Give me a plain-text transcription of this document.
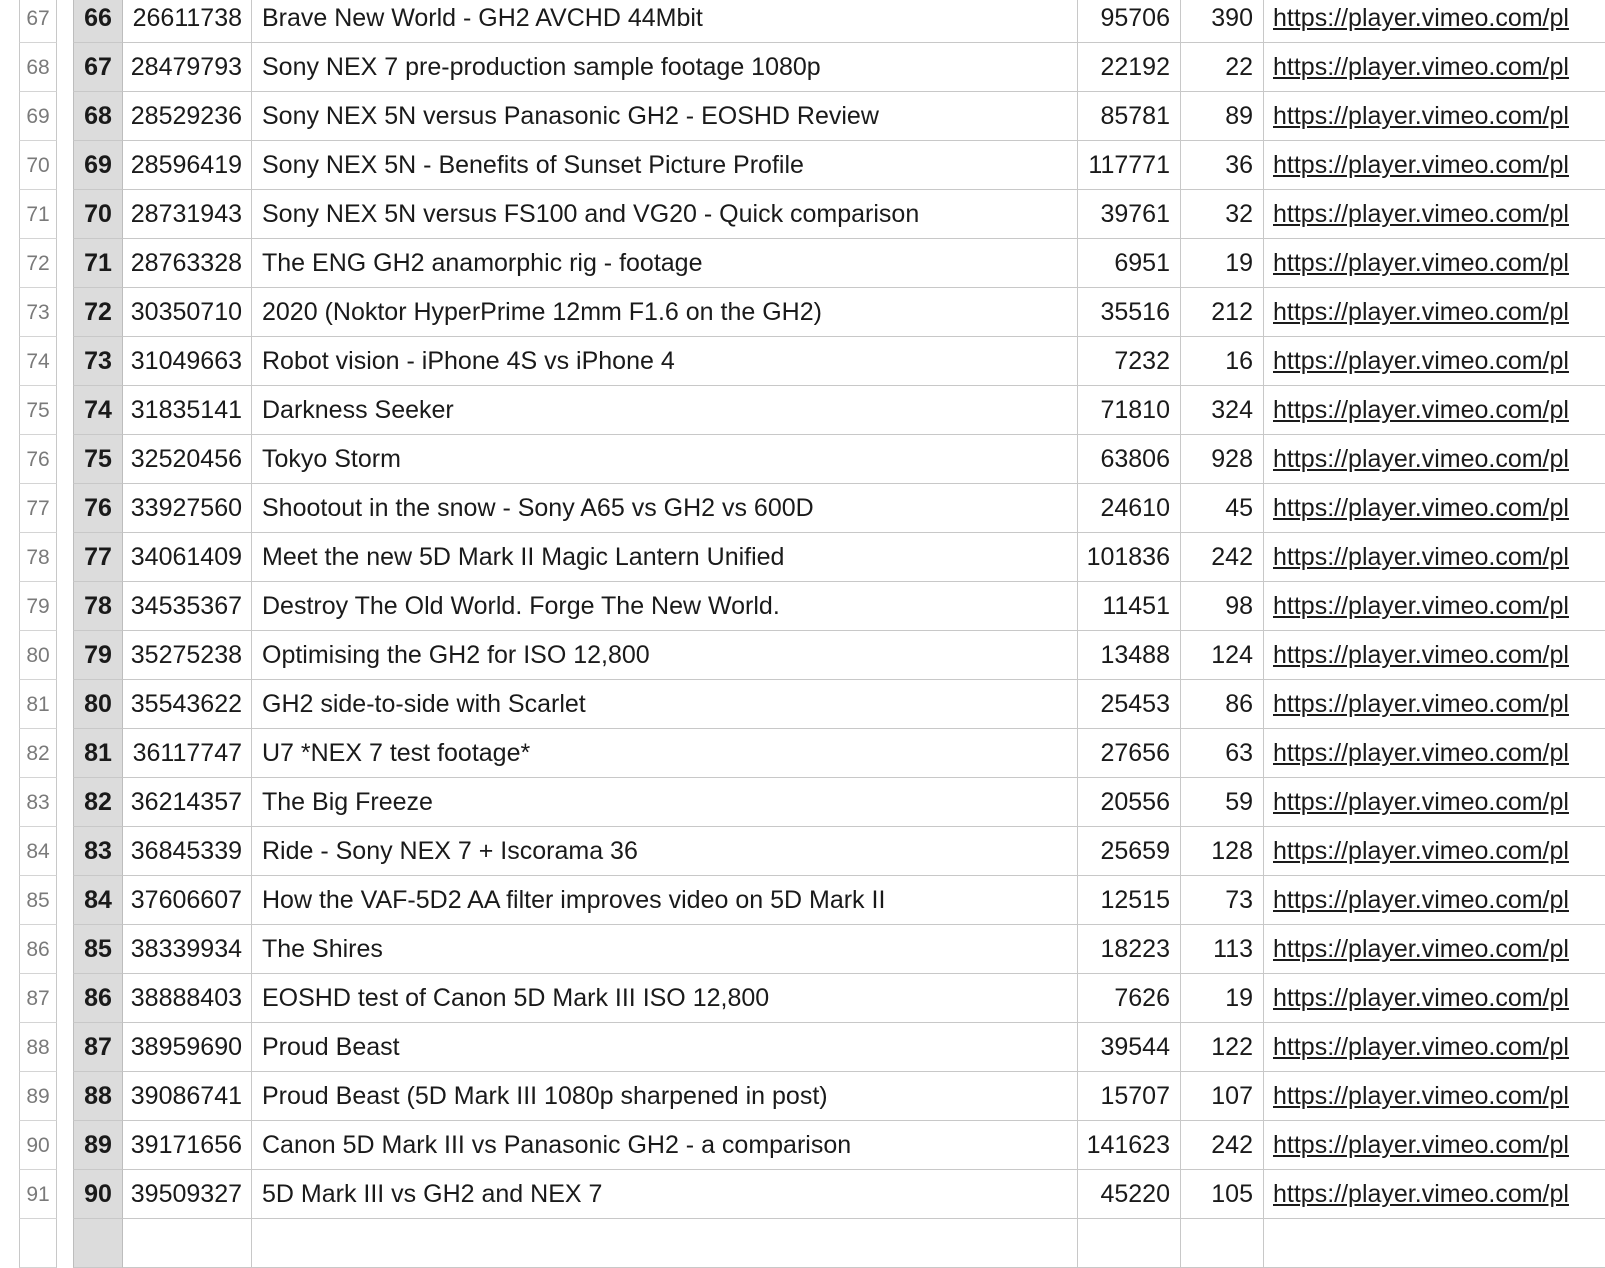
67	66 26611738 Brave New World - GH2 AVCHD 44Mbit	95706	390 https://player.vimeo.com/pl
68	67 28479793 Sony NEX 7 pre-production sample footage 1080p	22192	22 https://player.vimeo.com/pl
69	68 28529236 Sony NEX 5N versus Panasonic GH2 - EOSHD Review	85781	89 https://player.vimeo.com/pl
70	69 28596419 Sony NEX 5N - Benefits of Sunset Picture Profile	117771	36 https://player.vimeo.com/pl
71	70 28731943 Sony NEX 5N versus FS100 and VG20 - Quick comparison	39761	32 https://player.vimeo.com/pl
72	71 28763328 The ENG GH2 anamorphic rig - footage	6951	19 https://player.vimeo.com/pl
73	72 30350710 2020 (Noktor HyperPrime 12mm F1.6 on the GH2)	35516	212 https://player.vimeo.com/pl
74	73 31049663 Robot vision - iPhone 4S vs iPhone 4	7232	16 https://player.vimeo.com/pl
75	74 31835141 Darkness Seeker	71810	324 https://player.vimeo.com/pl
76	75 32520456 Tokyo Storm	63806	928 https://player.vimeo.com/pl
77	76 33927560 Shootout in the snow - Sony A65 vs GH2 vs 600D	24610	45 https://player.vimeo.com/pl
78	77 34061409 Meet the new 5D Mark II Magic Lantern Unified	101836	242 https://player.vimeo.com/pl
79	78 34535367 Destroy The Old World. Forge The New World.	11451	98 https://player.vimeo.com/pl
80	79 35275238 Optimising the GH2 for ISO 12,800	13488	124 https://player.vimeo.com/pl
81	80 35543622 GH2 side-to-side with Scarlet	25453	86 https://player.vimeo.com/pl
82	81 36117747 U7 *NEX 7 test footage*	27656	63 https://player.vimeo.com/pl
83	82 36214357 The Big Freeze	20556	59 https://player.vimeo.com/pl
84	83 36845339 Ride - Sony NEX 7 + Iscorama 36	25659	128 https://player.vimeo.com/pl
85	84 37606607 How the VAF-5D2 AA filter improves video on 5D Mark II	12515	73 https://player.vimeo.com/pl
86	85 38339934 The Shires	18223	113 https://player.vimeo.com/pl
87	86 38888403 EOSHD test of Canon 5D Mark III ISO 12,800	7626	19 https://player.vimeo.com/pl
88	87 38959690 Proud Beast	39544	122 https://player.vimeo.com/pl
89	88 39086741 Proud Beast (5D Mark III 1080p sharpened in post)	15707	107 https://player.vimeo.com/pl
90	89 39171656 Canon 5D Mark III vs Panasonic GH2 - a comparison	141623	242 https://player.vimeo.com/pl
91	90 39509327 5D Mark III vs GH2 and NEX 7	45220	105 https://player.vimeo.com/pl
